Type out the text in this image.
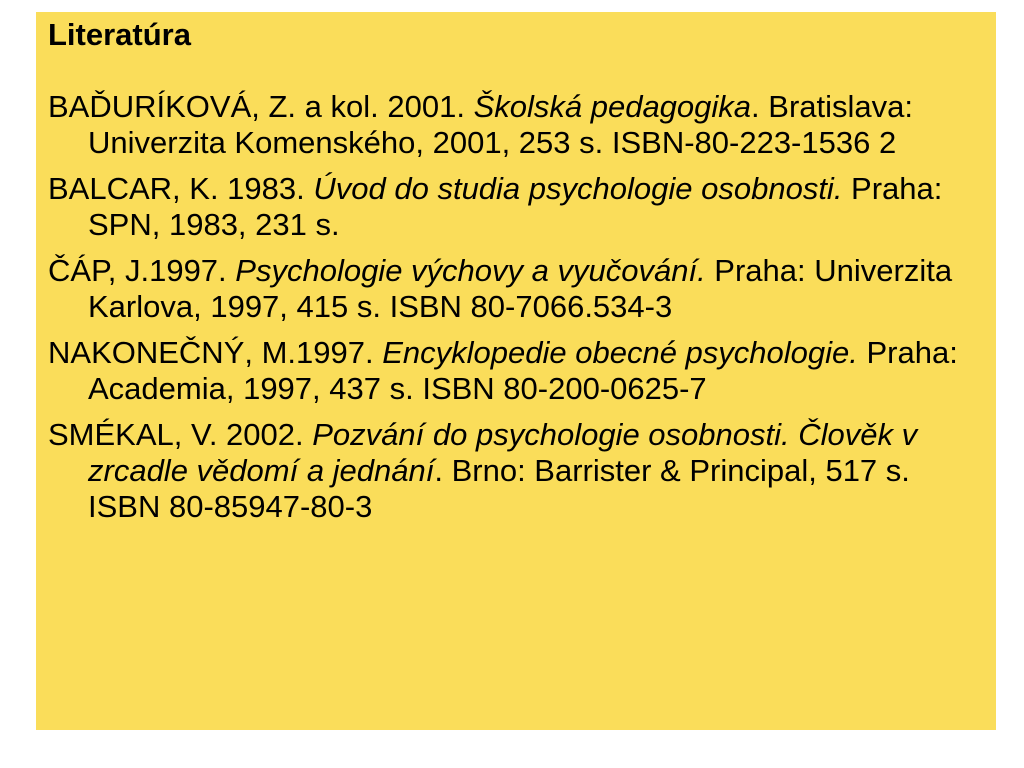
Literatúra
BAĎURÍKOVÁ, Z. a kol. 2001. Školská pedagogika. Bratislava: Univerzita Komenského, 2001, 253 s. ISBN-80-223-1536 2
BALCAR, K. 1983. Úvod do studia psychologie osobnosti. Praha: SPN, 1983, 231 s.
ČÁP, J.1997. Psychologie výchovy a vyučování. Praha: Univerzita Karlova, 1997, 415 s. ISBN 80-7066.534-3
NAKONEČNÝ, M.1997. Encyklopedie obecné psychologie. Praha: Academia, 1997, 437 s. ISBN 80-200-0625-7
SMÉKAL, V. 2002. Pozvání do psychologie osobnosti. Člověk v zrcadle vědomí a jednání. Brno: Barrister & Principal, 517 s. ISBN 80-85947-80-3
